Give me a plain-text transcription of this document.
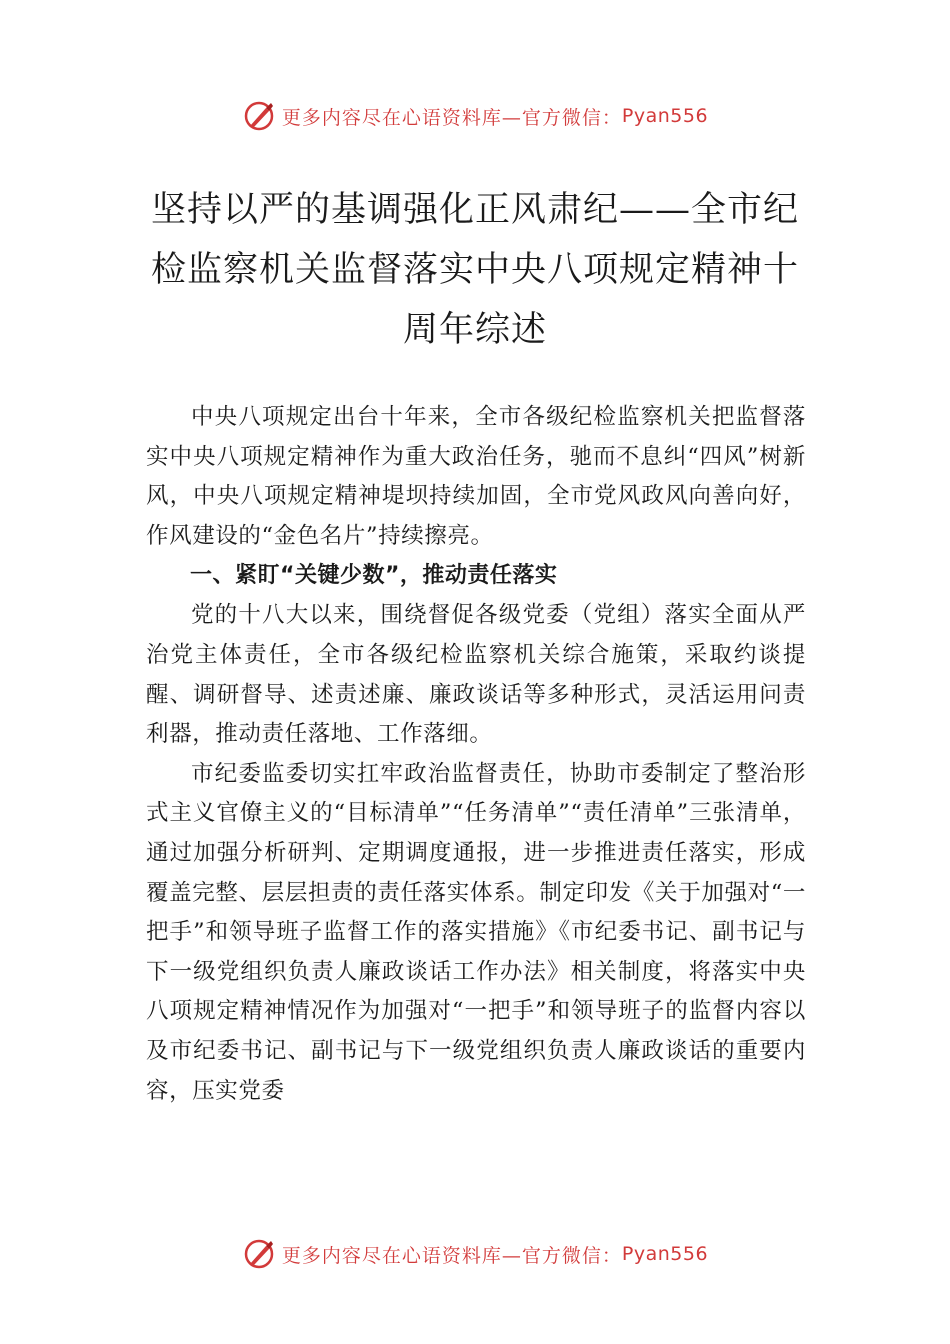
更多内容尽在心语资料库—官方微信： Pyan556
坚持以严的基调强化正风肃纪——全市纪检监察机关监督落实中央八项规定精神十周年综述

中央八项规定出台十年来，全市各级纪检监察机关把监督落实中央八项规定精神作为重大政治任务，驰而不息纠“四风”树新风，中央八项规定精神堤坝持续加固，全市党风政风向善向好，作风建设的“金色名片”持续擦亮。

一、紧盯“关键少数”，推动责任落实

党的十八大以来，围绕督促各级党委（党组）落实全面从严治党主体责任，全市各级纪检监察机关综合施策，采取约谈提醒、调研督导、述责述廉、廉政谈话等多种形式，灵活运用问责利器，推动责任落地、工作落细。

市纪委监委切实扛牢政治监督责任，协助市委制定了整治形式主义官僚主义的“目标清单”“任务清单”“责任清单”三张清单，通过加强分析研判、定期调度通报，进一步推进责任落实，形成覆盖完整、层层担责的责任落实体系。制定印发《关于加强对“一把手”和领导班子监督工作的落实措施》《市纪委书记、副书记与下一级党组织负责人廉政谈话工作办法》相关制度，将落实中央八项规定精神情况作为加强对“一把手”和领导班子的监督内容以及市纪委书记、副书记与下一级党组织负责人廉政谈话的重要内容，压实党委

更多内容尽在心语资料库—官方微信： Pyan556
